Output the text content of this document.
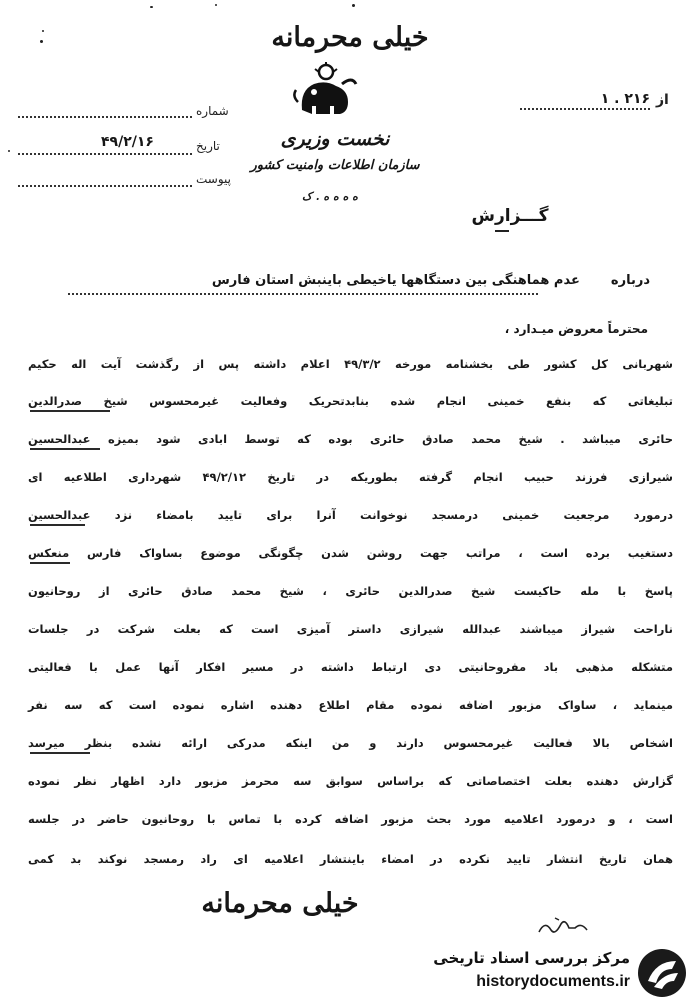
خیلی محرمانه
نخست وزیری
سازمان اطلاعات وامنیت کشور
ه ه ه ه . ک
از
۲۱۶ . ۱
شماره
تاریخ
۴۹/۲/۱۶
پیوست
گـــزارش
درباره  عدم هماهنگی بین دستگاهها یاخیطی باینبش استان فارس
محترماً معروض میـدارد ،
شهربانی کل کشور طی بخشنامه مورخه ۴۹/۳/۲ اعلام داشته پس از رگذشت آیت اله حکیم
تبلیغاتی که بنفع خمینی انجام شده بنابدتحریک وفعالیت غیرمحسوس شیخ صدرالدین
حائری میباشد . شیخ محمد صادق حائری بوده که توسط ابادی شود بمیزه عبدالحسین
شیرازی فرزند حبیب انجام گرفته بطوریکه در تاریخ ۴۹/۲/۱۲ شهرداری اطلاعیه ای
درمورد مرجعیت خمینی درمسجد نوخوانت آنرا برای تایید بامضاء نزد عبدالحسین
دستغیب برده است ، مراتب جهت روشن شدن چگونگی موضوع بساواک فارس منعکس
پاسخ با مله حاکیست شیخ صدرالدین حائری ، شیخ محمد صادق حائری از روحانیون
ناراحت شیراز میباشند عبدالله شیرازی داستر آمیزی است که بعلت شرکت در جلسات
متشکله مذهبی باد مفروحانیتی دی ارتباط داشته در مسیر افکار آنها عمل با فعالیتی
مینماید ، ساواک مزبور اضافه نموده مقام اطلاع دهنده اشاره نموده است که سه نفر
اشخاص بالا فعالیت غیرمحسوس دارند و من اینکه مدرکی ارائه نشده بنظر میرسد
گزارش دهنده بعلت اختصاصاتی که براساس سوابق سه محرمز مزبور دارد اظهار نظر نموده
است ، و درمورد اعلامیه مورد بحث مزبور اضافه کرده با تماس با روحانیون حاضر در جلسه
همان تاریخ انتشار تایید نکرده در امضاء باینتشار اعلامیه ای راد رمسجد نوکند بد کمی
خیلی محرمانه
مرکز بررسی اسناد تاریخی
historydocuments.ir
